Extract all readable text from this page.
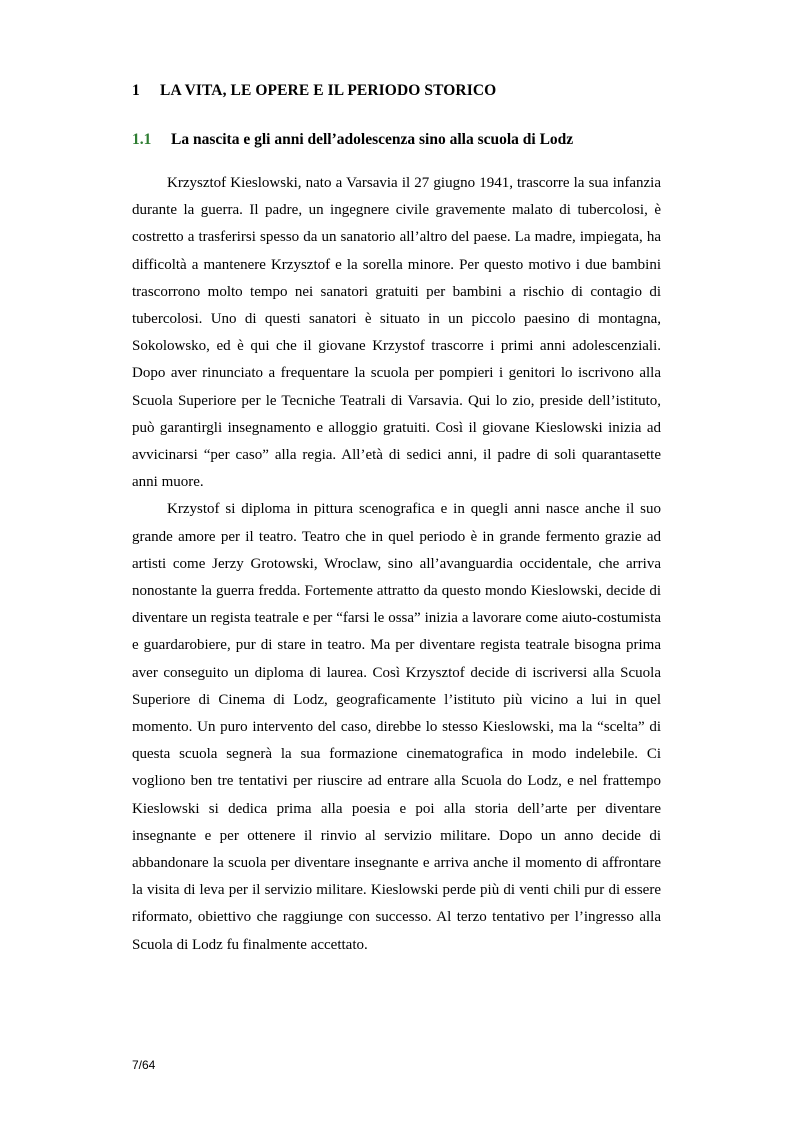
1 LA VITA, LE OPERE E IL PERIODO STORICO
1.1 La nascita e gli anni dell’adolescenza sino alla scuola di Lodz

Krzysztof Kieslowski, nato a Varsavia il 27 giugno 1941, trascorre la sua infanzia durante la guerra. Il padre, un ingegnere civile gravemente malato di tubercolosi, è costretto a trasferirsi spesso da un sanatorio all’altro del paese. La madre, impiegata, ha difficoltà a mantenere Krzysztof e la sorella minore. Per questo motivo i due bambini trascorrono molto tempo nei sanatori gratuiti per bambini a rischio di contagio di tubercolosi. Uno di questi sanatori è situato in un piccolo paesino di montagna, Sokolowsko, ed è qui che il giovane Krzystof trascorre i primi anni adolescenziali. Dopo aver rinunciato a frequentare la scuola per pompieri i genitori lo iscrivono alla Scuola Superiore per le Tecniche Teatrali di Varsavia. Qui lo zio, preside dell’istituto, può garantirgli insegnamento e alloggio gratuiti. Così il giovane Kieslowski inizia ad avvicinarsi “per caso” alla regia. All’età di sedici anni, il padre di soli quarantasette anni muore.

Krzystof si diploma in pittura scenografica e in quegli anni nasce anche il suo grande amore per il teatro. Teatro che in quel periodo è in grande fermento grazie ad artisti come Jerzy Grotowski, Wroclaw, sino all’avanguardia occidentale, che arriva nonostante la guerra fredda. Fortemente attratto da questo mondo Kieslowski, decide di diventare un regista teatrale e per “farsi le ossa” inizia a lavorare come aiuto-costumista e guardarobiere, pur di stare in teatro. Ma per diventare regista teatrale bisogna prima aver conseguito un diploma di laurea. Così Krzysztof decide di iscriversi alla Scuola Superiore di Cinema di Lodz, geograficamente l’istituto più vicino a lui in quel momento. Un puro intervento del caso, direbbe lo stesso Kieslowski, ma la “scelta” di questa scuola segnerà la sua formazione cinematografica in modo indelebile. Ci vogliono ben tre tentativi per riuscire ad entrare alla Scuola do Lodz, e nel frattempo Kieslowski si dedica prima alla poesia e poi alla storia dell’arte per diventare insegnante e per ottenere il rinvio al servizio militare. Dopo un anno decide di abbandonare la scuola per diventare insegnante e arriva anche il momento di affrontare la visita di leva per il servizio militare. Kieslowski perde più di venti chili pur di essere riformato, obiettivo che raggiunge con successo. Al terzo tentativo per l’ingresso alla Scuola di Lodz fu finalmente accettato.

7/64
